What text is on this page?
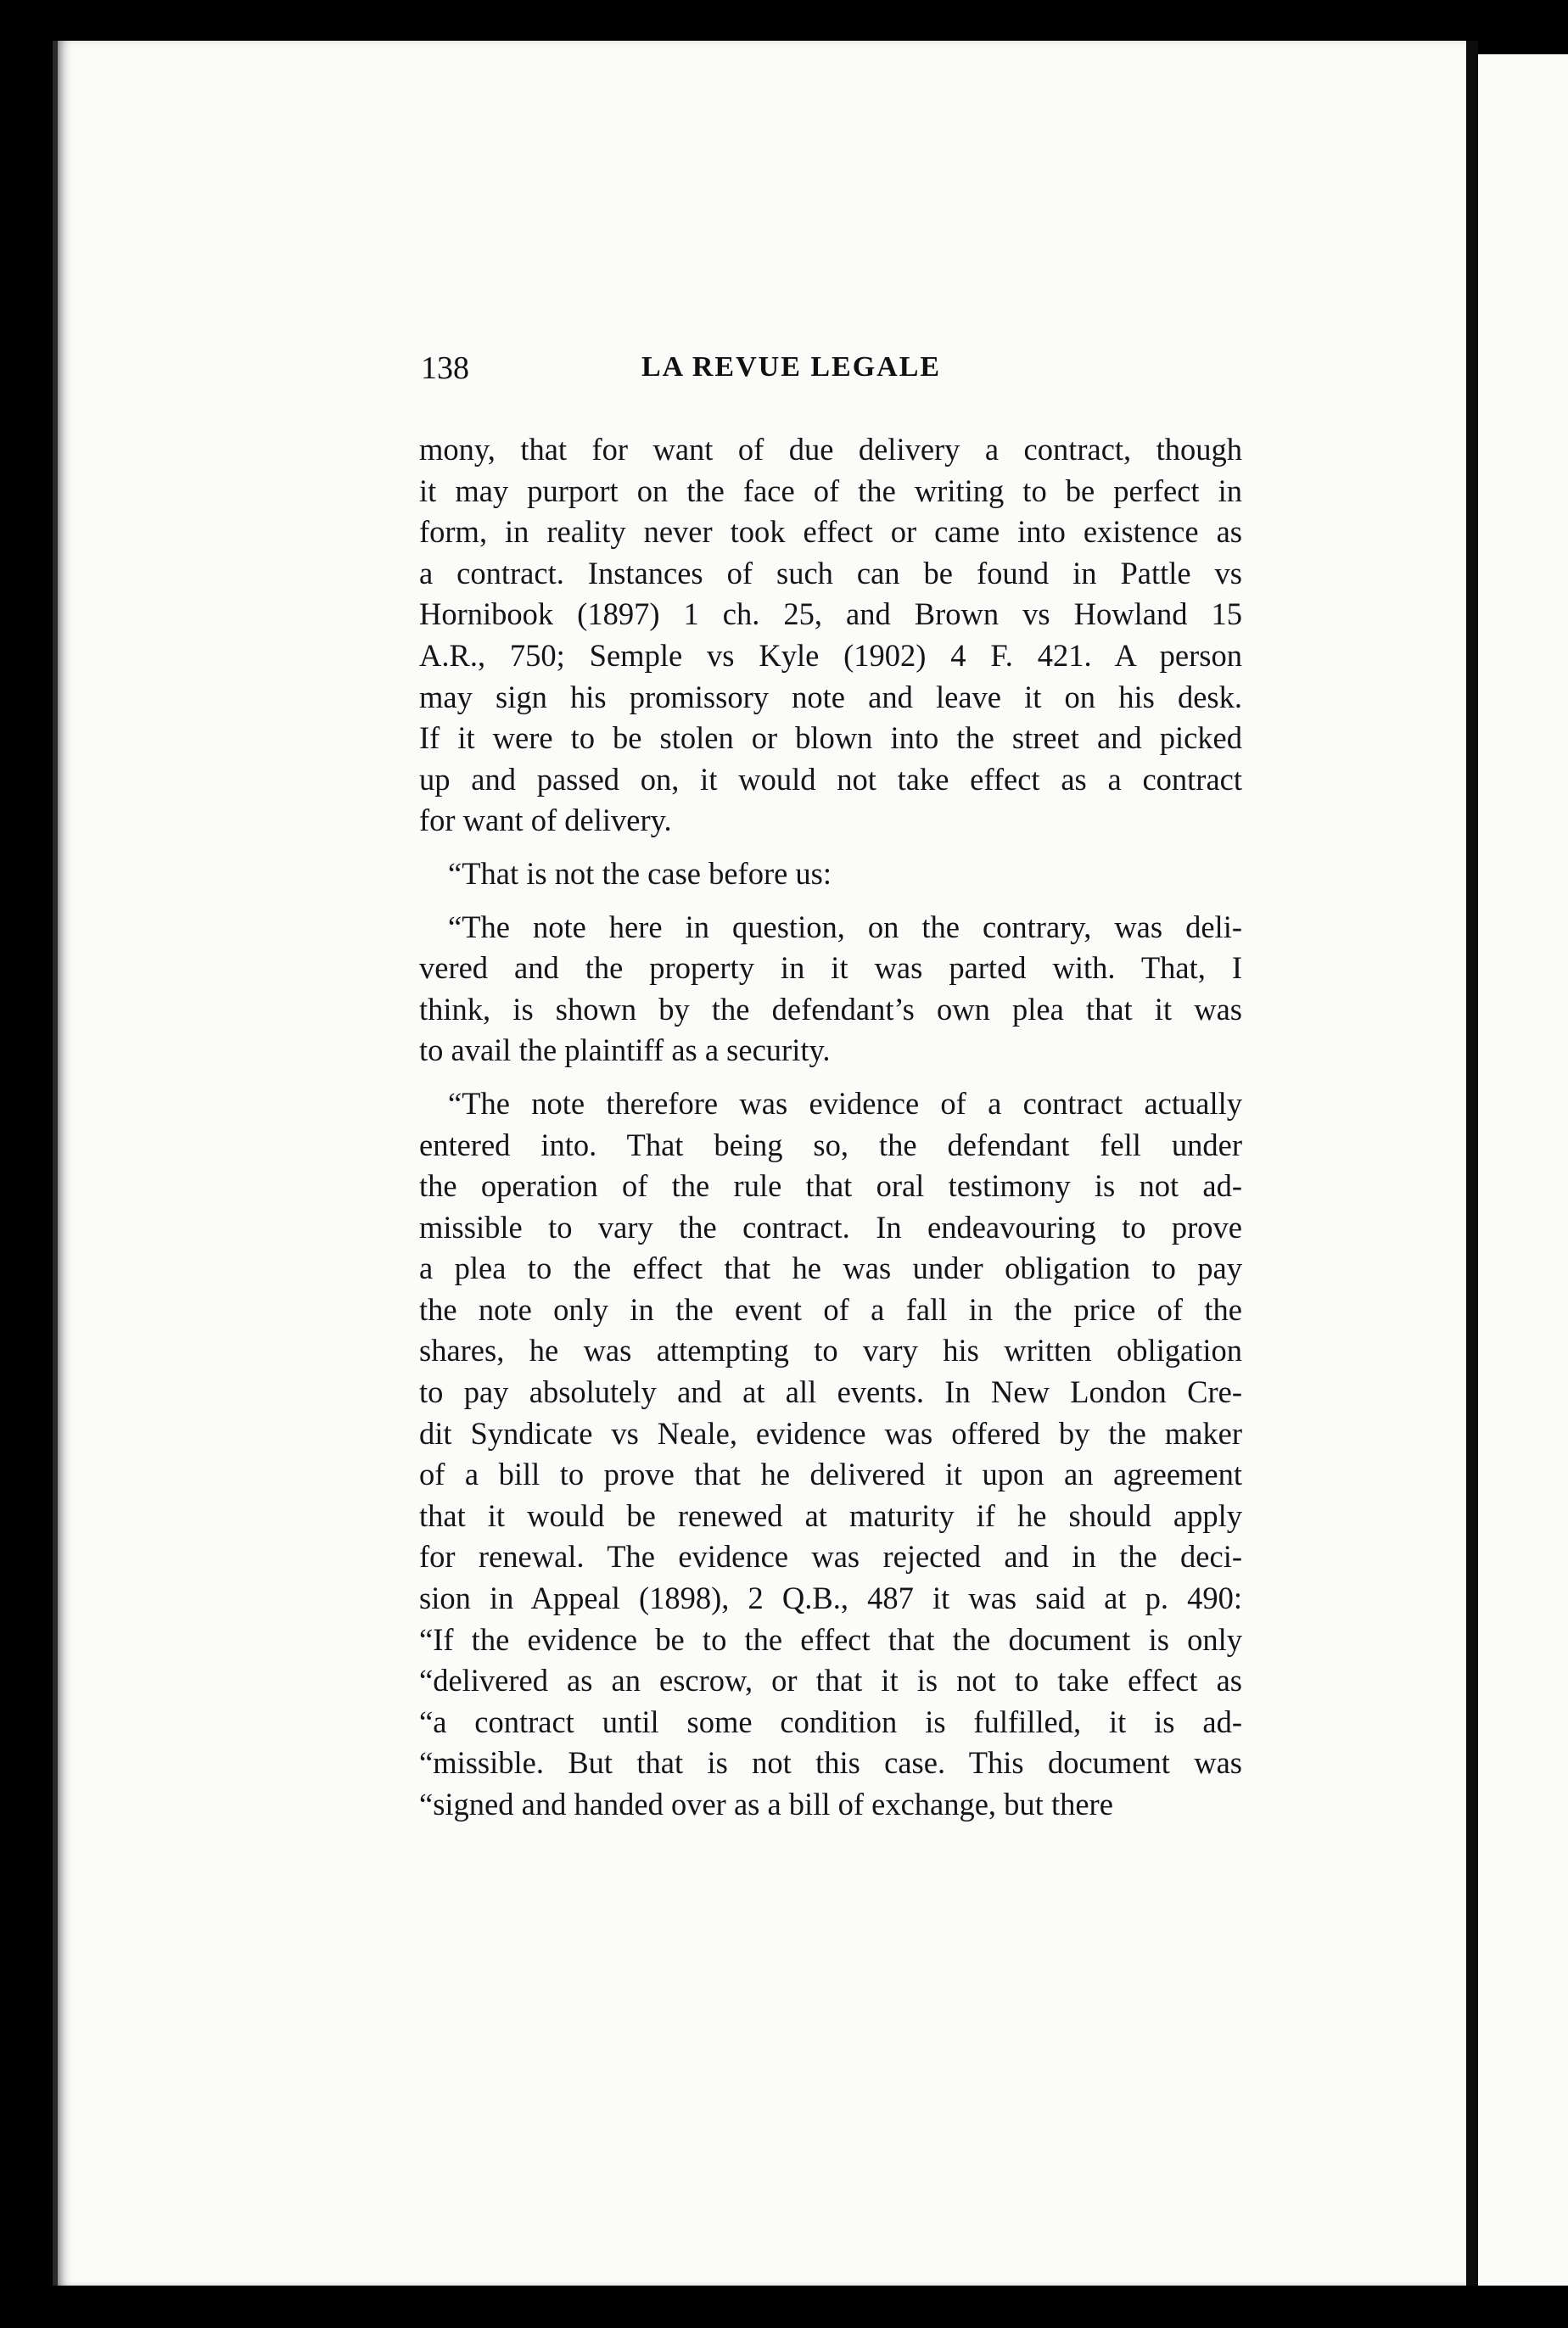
138	LA REVUE LEGALE
mony, that for want of due delivery a contract, though
it may purport on the face of the writing to be perfect in
form, in reality never took effect or came into existence as
a contract. Instances of such can be found in Pattle vs
Hornibook (1897) 1 ch. 25, and Brown vs Howland 15
A.R., 750; Semple vs Kyle (1902) 4 F. 421. A person
may sign his promissory note and leave it on his desk.
If it were to be stolen or blown into the street and picked
up and passed on, it would not take effect as a contract
for want of delivery.
“That is not the case before us:
“The note here in question, on the contrary, was deli-
vered and the property in it was parted with. That, I
think, is shown by the defendant’s own plea that it was
to avail the plaintiff as a security.
“The note therefore was evidence of a contract actually
entered into. That being so, the defendant fell under
the operation of the rule that oral testimony is not ad-
missible to vary the contract. In endeavouring to prove
a plea to the effect that he was under obligation to pay
the note only in the event of a fall in the price of the
shares, he was attempting to vary his written obligation
to pay absolutely and at all events. In New London Cre-
dit Syndicate vs Neale, evidence was offered by the maker
of a bill to prove that he delivered it upon an agreement
that it would be renewed at maturity if he should apply
for renewal. The evidence was rejected and in the deci-
sion in Appeal (1898), 2 Q.B., 487 it was said at p. 490:
“If the evidence be to the effect that the document is only
“delivered as an escrow, or that it is not to take effect as
“a contract until some condition is fulfilled, it is ad-
“missible. But that is not this case. This document was
“signed and handed over as a bill of exchange, but there
